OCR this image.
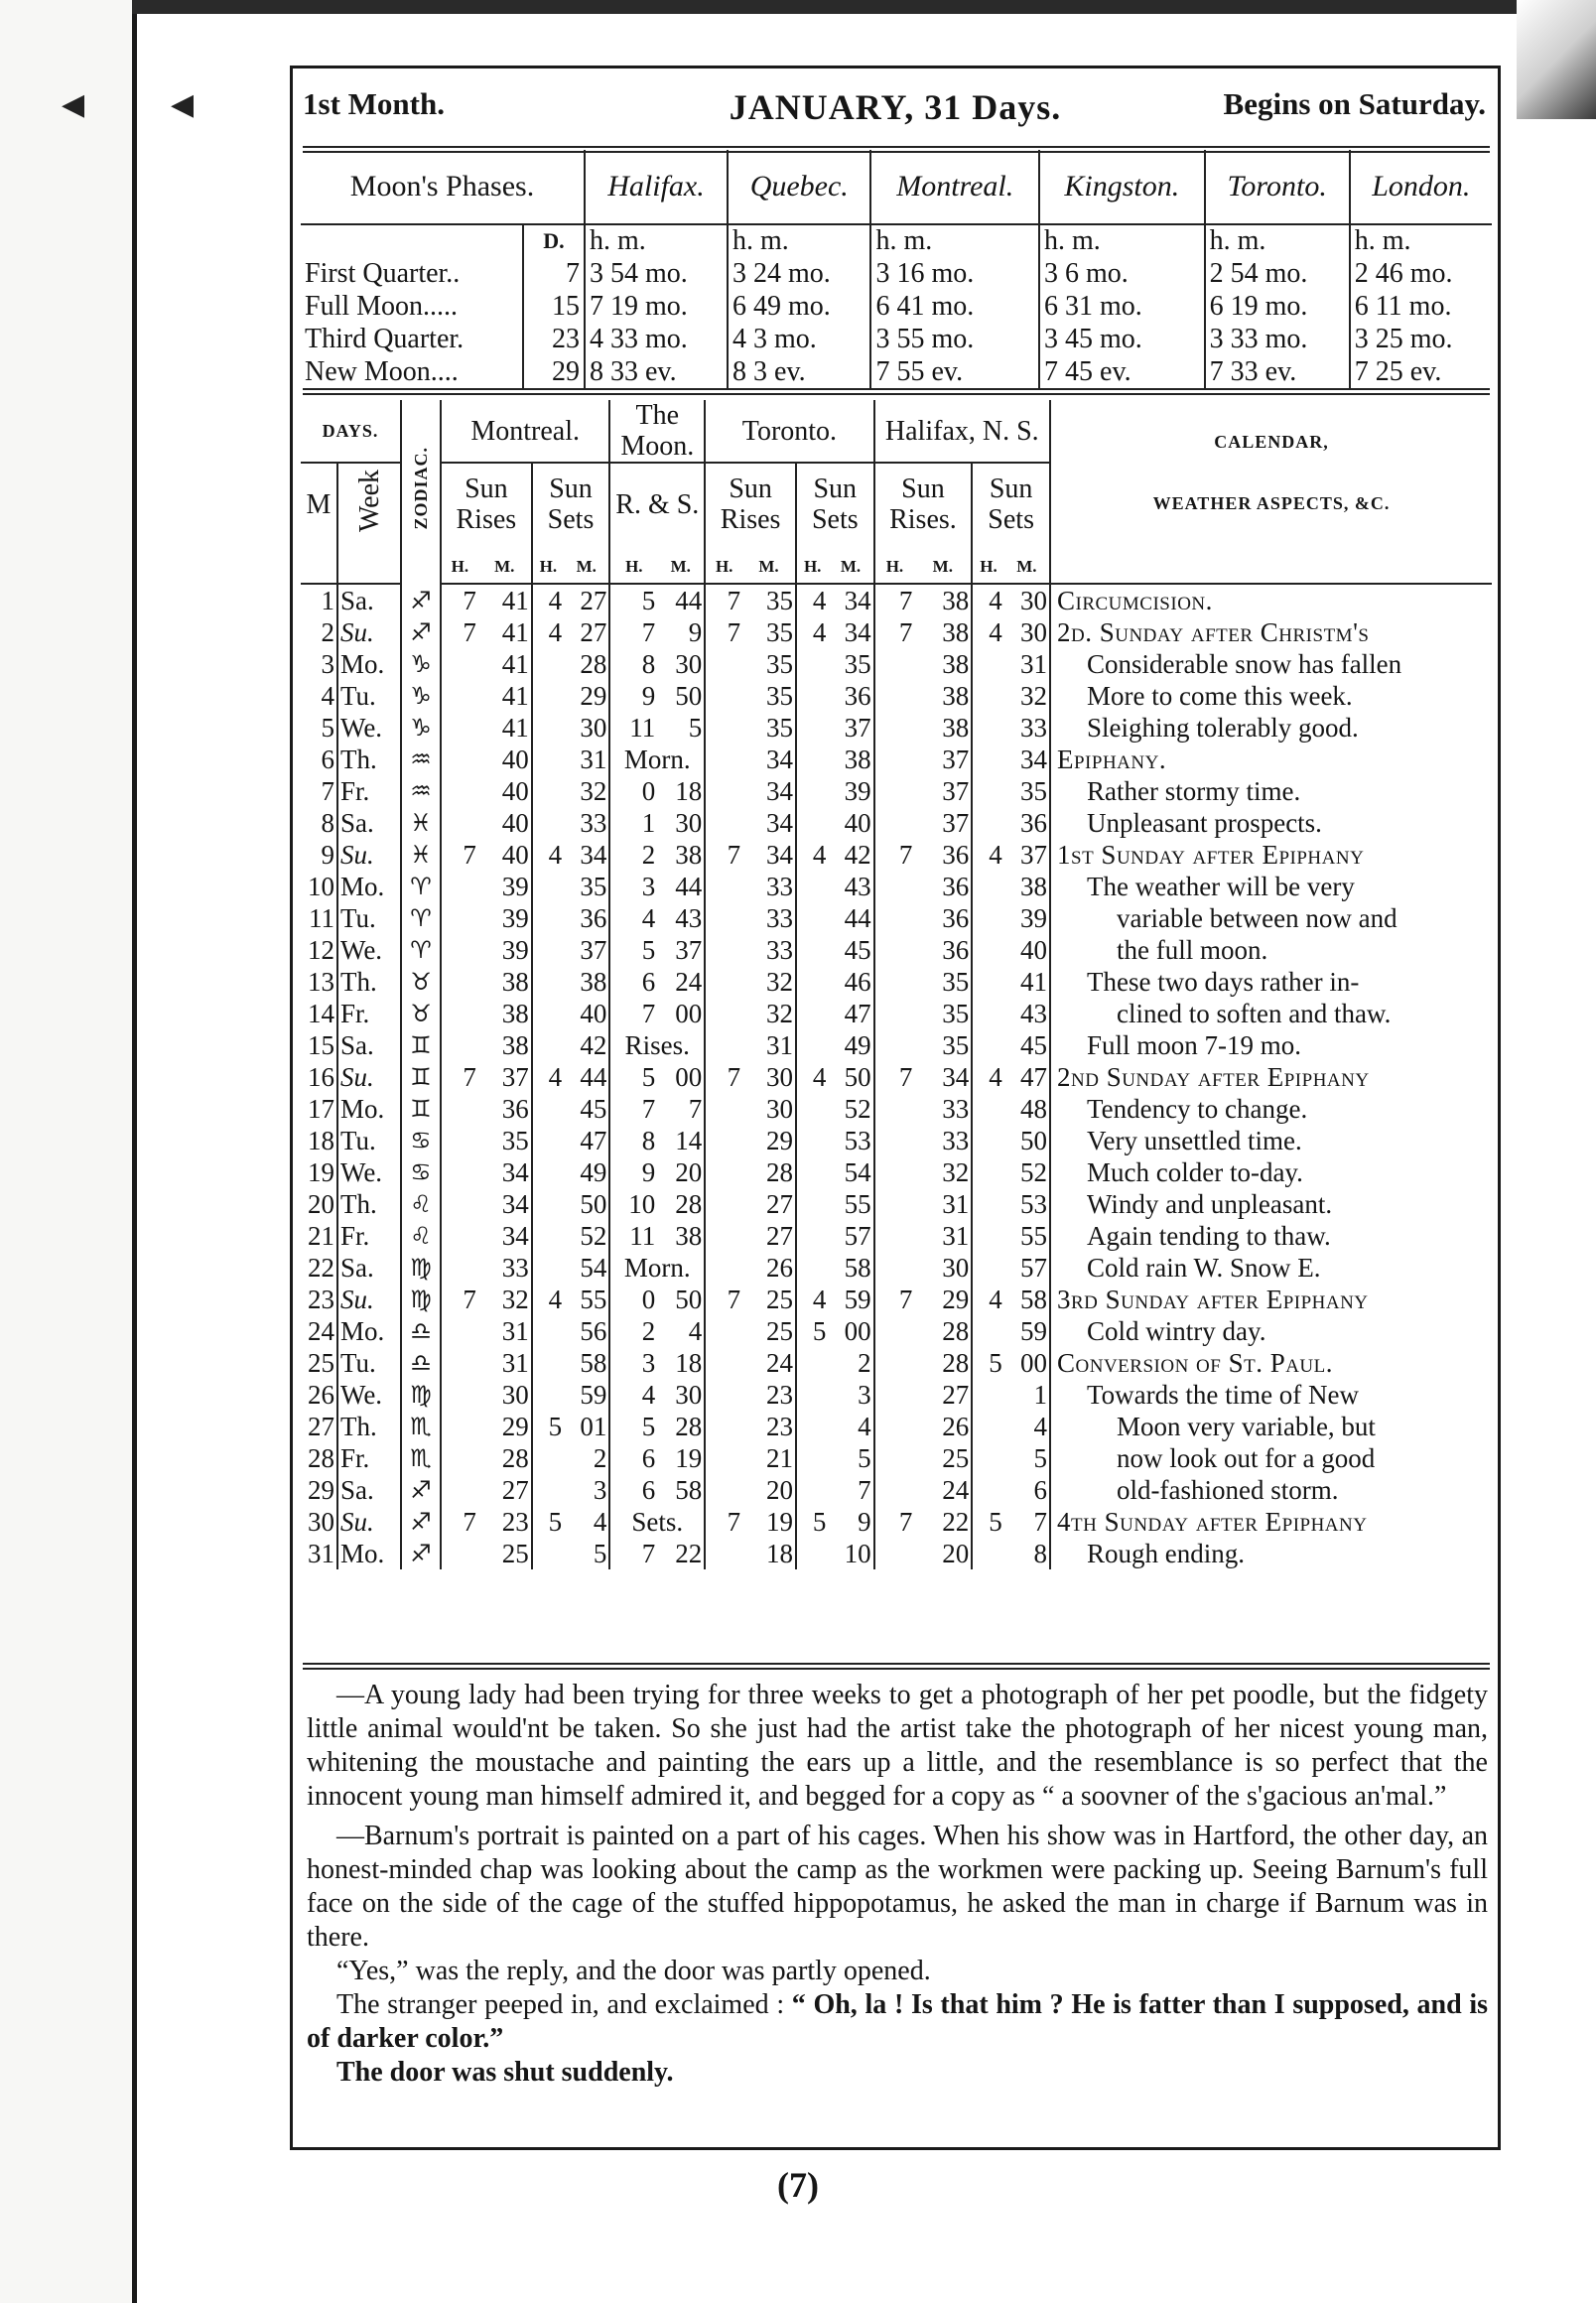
◀	◀	JANUARY, 31 Days.
1st Month.	Begins on Saturday.
Moon's Phases.		Halifax.	Quebec.	Montreal.	Kingston.	Toronto.	London.
	D.	h. m.	h. m.	h. m.	h. m.	h. m.	h. m.
First Quarter..	7	3 54 mo.	3 24 mo.	3 16 mo.	3 6 mo.	2 54 mo.	2 46 mo.
Full Moon.....	15	7 19 mo.	6 49 mo.	6 41 mo.	6 31 mo.	6 19 mo.	6 11 mo.
Third Quarter.	23	4 33 mo.	4 3 mo.	3 55 mo.	3 45 mo.	3 33 mo.	3 25 mo.
New Moon....	29	8 33 ev.	8 3 ev.	7 55 ev.	7 45 ev.	7 33 ev.	7 25 ev.
DAYS.		ZODIAC.	Montreal.				The Moon.		Toronto.				Halifax, N. S.				CALENDAR,
WEATHER ASPECTS, &C.

M	Week		Sun Rises		Sun Sets		R. & S.		Sun Rises		Sun Sets		Sun Rises.		Sun Sets		
			H.	M.	H.	M.	H.	M.	H.	M.	H.	M.	H.	M.	H.	M.	
1	Sa.	♐	7	41	4	27	5	44	7	35	4	34	7	38	4	30	Circumcision.
2	Su.	♐	7	41	4	27	7	9	7	35	4	34	7	38	4	30	2d. Sunday after Christm's
3	Mo.	♑		41		28	8	30		35		35		38		31	Considerable snow has fallen
4	Tu.	♑		41		29	9	50		35		36		38		32	More to come this week.
5	We.	♑		41		30	11	5		35		37		38		33	Sleighing tolerably good.
6	Th.	♒		40		31	Morn.			34		38		37		34	Epiphany.
7	Fr.	♒		40		32	0	18		34		39		37		35	Rather stormy time.
8	Sa.	♓		40		33	1	30		34		40		37		36	Unpleasant prospects.
9	Su.	♓	7	40	4	34	2	38	7	34	4	42	7	36	4	37	1st Sunday after Epiphany
10	Mo.	♈		39		35	3	44		33		43		36		38	The weather will be very
11	Tu.	♈		39		36	4	43		33		44		36		39	variable between now and
12	We.	♈		39		37	5	37		33		45		36		40	the full moon.
13	Th.	♉		38		38	6	24		32		46		35		41	These two days rather in-
14	Fr.	♉		38		40	7	00		32		47		35		43	clined to soften and thaw.
15	Sa.	♊		38		42	Rises.			31		49		35		45	Full moon 7-19 mo.
16	Su.	♊	7	37	4	44	5	00	7	30	4	50	7	34	4	47	2nd Sunday after Epiphany
17	Mo.	♊		36		45	7	7		30		52		33		48	Tendency to change.
18	Tu.	♋		35		47	8	14		29		53		33		50	Very unsettled time.
19	We.	♋		34		49	9	20		28		54		32		52	Much colder to-day.
20	Th.	♌		34		50	10	28		27		55		31		53	Windy and unpleasant.
21	Fr.	♌		34		52	11	38		27		57		31		55	Again tending to thaw.
22	Sa.	♍		33		54	Morn.			26		58		30		57	Cold rain W. Snow E.
23	Su.	♍	7	32	4	55	0	50	7	25	4	59	7	29	4	58	3rd Sunday after Epiphany
24	Mo.	♎		31		56	2	4		25	5	00		28		59	Cold wintry day.
25	Tu.	♎		31		58	3	18		24		2		28	5	00	Conversion of St. Paul.
26	We.	♍		30		59	4	30		23		3		27		1	Towards the time of New
27	Th.	♏		29	5	01	5	28		23		4		26		4	Moon very variable, but
28	Fr.	♏		28		2	6	19		21		5		25		5	now look out for a good
29	Sa.	♐		27		3	6	58		20		7		24		6	old-fashioned storm.
30	Su.	♐	7	23	5	4	Sets.		7	19	5	9	7	22	5	7	4th Sunday after Epiphany
31	Mo.	♐		25		5	7	22		18		10		20		8	Rough ending.

—A young lady had been trying for three weeks to get a photograph of her pet poodle, but the fidgety little animal would'nt be taken. So she just had the artist take the photograph of her nicest young man, whitening the moustache and painting the ears up a little, and the resemblance is so perfect that the innocent young man himself admired it, and begged for a copy as “ a soovner of the s'gacious an'mal.”

—Barnum's portrait is painted on a part of his cages. When his show was in Hartford, the other day, an honest-minded chap was looking about the camp as the workmen were packing up. Seeing Barnum's full face on the side of the cage of the stuffed hippopotamus, he asked the man in charge if Barnum was in there.

“Yes,” was the reply, and the door was partly opened.

The stranger peeped in, and exclaimed : “ Oh, la ! Is that him ? He is fatter than I supposed, and is of darker color.”

The door was shut suddenly.

(7)
